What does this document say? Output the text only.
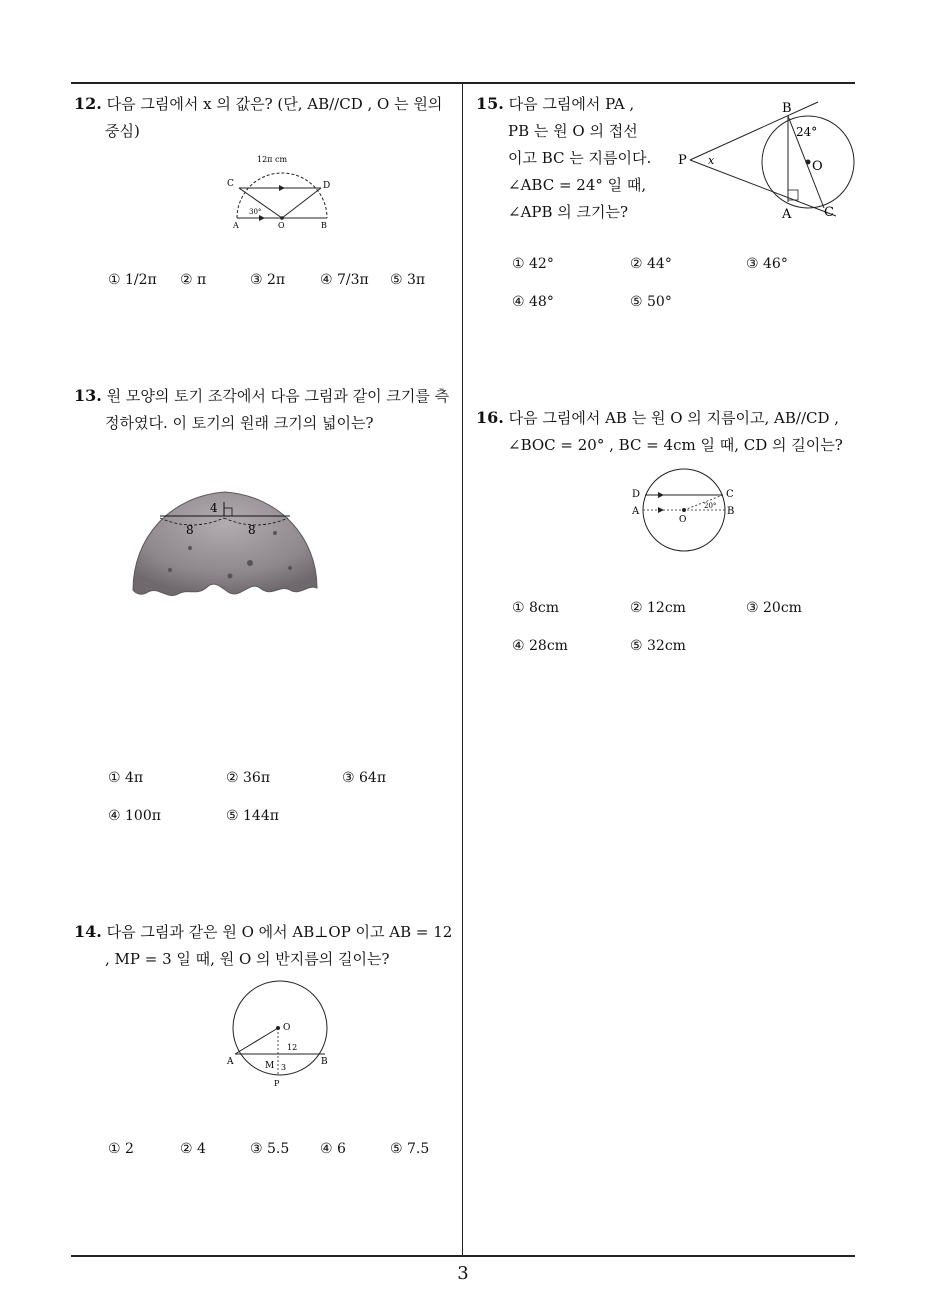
12. 다음 그림에서 x 의 값은? (단, AB//CD , O 는 원의
중심)
12π cm
C	D
A	O	B
30°
① 1/2π ② π	③ 2π ④ 7/3π ⑤ 3π
13. 원 모양의 토기 조각에서 다음 그림과 같이 크기를 측
정하였다. 이 토기의 원래 크기의 넓이는?
4
8	8
① 4π	② 36π	③ 64π
④ 100π	⑤ 144π
14. 다음 그림과 같은 원 O 에서 AB⊥OP 이고 AB = 12
, MP = 3 일 때, 원 O 의 반지름의 길이는?
O
A	B
M
P
12
3
① 2	② 4	③ 5.5 ④ 6	⑤ 7.5
15. 다음 그림에서 PA ,
PB 는 원 O 의 접선
이고 BC 는 지름이다.
∠ABC = 24° 일 때,
∠APB 의 크기는?
B
P x	O
A	C
24°
① 42°	② 44°	③ 46°
④ 48°	⑤ 50°
16. 다음 그림에서 AB 는 원 O 의 지름이고, AB//CD ,
∠BOC = 20° , BC = 4cm 일 때, CD 의 길이는?
D	C
A	B
O
20°
① 8cm	② 12cm	③ 20cm
④ 28cm	⑤ 32cm
3
